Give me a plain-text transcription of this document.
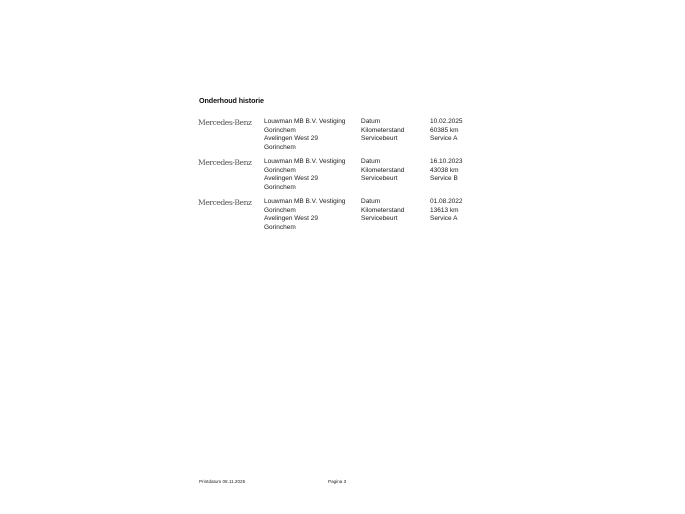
Onderhoud historie
Mercedes-Benz Louwman MB B.V. Vestiging
Gorinchem
Avelingen West 29
Gorinchem
Datum
Kilometerstand
Servicebeurt
10.02.2025
60385 km
Service A
Mercedes-Benz Louwman MB B.V. Vestiging
Gorinchem
Avelingen West 29
Gorinchem
Datum
Kilometerstand
Servicebeurt
16.10.2023
43038 km
Service B
Mercedes-Benz Louwman MB B.V. Vestiging
Gorinchem
Avelingen West 29
Gorinchem
Datum
Kilometerstand
Servicebeurt
01.08.2022
13613 km
Service A
Printdatum 08.11.2025	Pagina 3
